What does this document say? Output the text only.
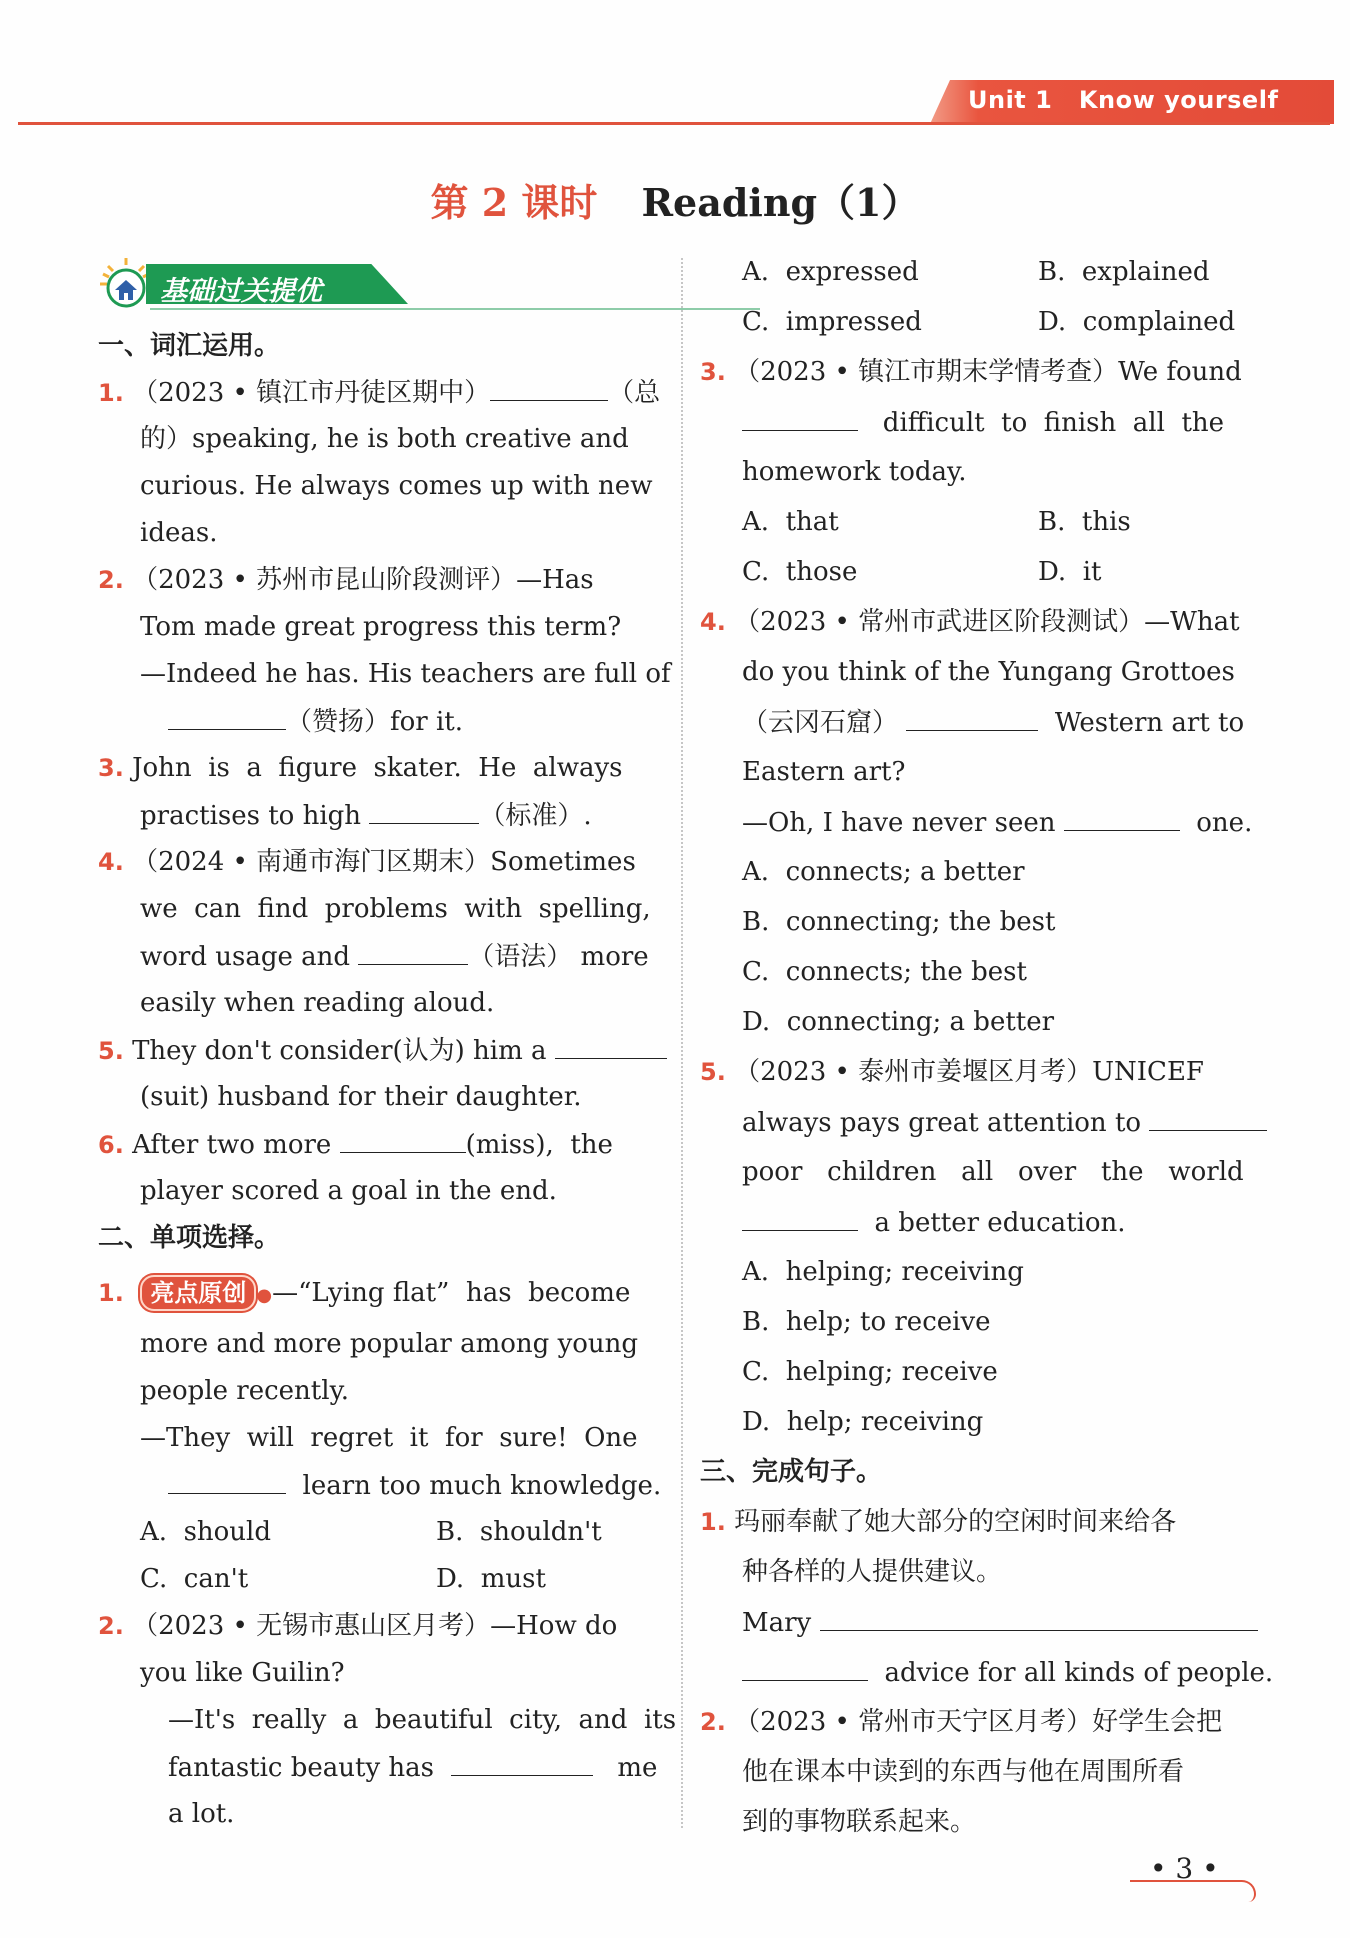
Unit 1   Know yourself
第 2 课时 Reading（1）
基础过关提优
一、词汇运用。
1. （2023 • 镇江市丹徒区期中）	（总
的）speaking, he is both creative and
curious. He always comes up with new
ideas.
2. （2023 • 苏州市昆山阶段测评）—Has
Tom made great progress this term?
—Indeed he has. His teachers are full of
（赞扬）for it.
3. John  is  a  figure  skater.  He  always
practises to high	（标准）.
4. （2024 • 南通市海门区期末）Sometimes
we  can  find  problems  with  spelling,
word usage and	（语法） more
easily when reading aloud.
5. They don't consider(认为) him a
(suit) husband for their daughter.
6. After two more	(miss),  the
player scored a goal in the end.
二、单项选择。
1. 亮点原创 ●—“Lying flat”  has  become
more and more popular among young
people recently.
—They  will  regret  it  for  sure!  One
learn too much knowledge.
A.  should	B.  shouldn't
C.  can't	D.  must
2. （2023 • 无锡市惠山区月考）—How do
you like Guilin?
—It's  really  a  beautiful  city,  and  its
fantastic beauty has	me
a lot.
A.  expressed	B.  explained
C.  impressed	D.  complained
3. （2023 • 镇江市期末学情考查）We found
difficult  to  finish  all  the
homework today.
A.  that	B.  this
C.  those	D.  it
4. （2023 • 常州市武进区阶段测试）—What
do you think of the Yungang Grottoes
（云冈石窟）	Western art to
Eastern art?
—Oh, I have never seen	one.
A.  connects; a better
B.  connecting; the best
C.  connects; the best
D.  connecting; a better
5. （2023 • 泰州市姜堰区月考）UNICEF
always pays great attention to
poor   children   all   over   the   world
a better education.
A.  helping; receiving
B.  help; to receive
C.  helping; receive
D.  help; receiving
三、完成句子。
1. 玛丽奉献了她大部分的空闲时间来给各
种各样的人提供建议。
Mary
advice for all kinds of people.
2. （2023 • 常州市天宁区月考）好学生会把
他在课本中读到的东西与他在周围所看
到的事物联系起来。
• 3 •
